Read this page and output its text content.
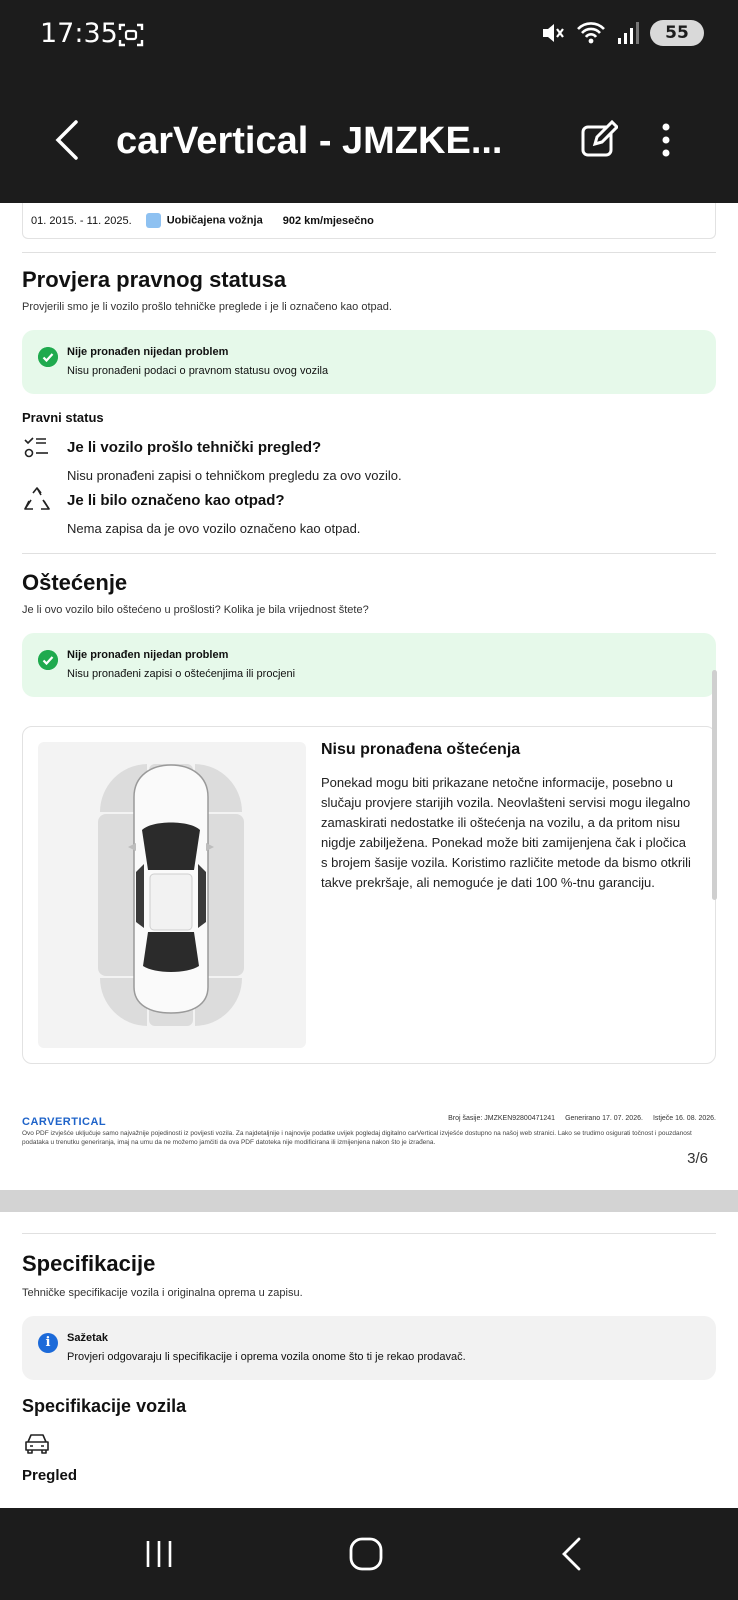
17:35	55
carVertical - JMZKE...
01. 2015. - 11. 2025.	Uobičajena vožnja 902 km/mjesečno
Provjera pravnog statusa
Provjerili smo je li vozilo prošlo tehničke preglede i je li označeno kao otpad.
Nije pronađen nijedan problem
Nisu pronađeni podaci o pravnom statusu ovog vozila
Pravni status
Je li vozilo prošlo tehnički pregled?
Nisu pronađeni zapisi o tehničkom pregledu za ovo vozilo.
Je li bilo označeno kao otpad?
Nema zapisa da je ovo vozilo označeno kao otpad.
Oštećenje
Je li ovo vozilo bilo oštećeno u prošlosti? Kolika je bila vrijednost štete?
Nije pronađen nijedan problem
Nisu pronađeni zapisi o oštećenjima ili procjeni
Nisu pronađena oštećenja
Ponekad mogu biti prikazane netočne informacije, posebno u slučaju provjere starijih vozila. Neovlašteni servisi mogu ilegalno zamaskirati nedostatke ili oštećenja na vozilu, a da pritom nisu nigdje zabilježena. Ponekad može biti zamijenjena čak i pločica s brojem šasije vozila. Koristimo različite metode da bismo otkrili takve prekršaje, ali nemoguće je dati 100 %-tnu garanciju.
CARVERTICAL	Broj šasije: JMZKEN92800471241 Generirano 17. 07. 2026. Istječe 16. 08. 2026.
Ovo PDF izvješće uključuje samo najvažnije pojedinosti iz povijesti vozila. Za najdetaljnije i najnovije podatke uvijek pogledaj digitalno carVertical izvješće dostupno na našoj web stranici. Lako se trudimo osigurati točnost i pouzdanost podataka u trenutku generiranja, imaj na umu da ne možemo jamčiti da ova PDF datoteka nije modificirana ili izmijenjena nakon što je izrađena.
3/6
Specifikacije
Tehničke specifikacije vozila i originalna oprema u zapisu.
i	Sažetak
Provjeri odgovaraju li specifikacije i oprema vozila onome što ti je rekao prodavač.
Specifikacije vozila
Pregled
